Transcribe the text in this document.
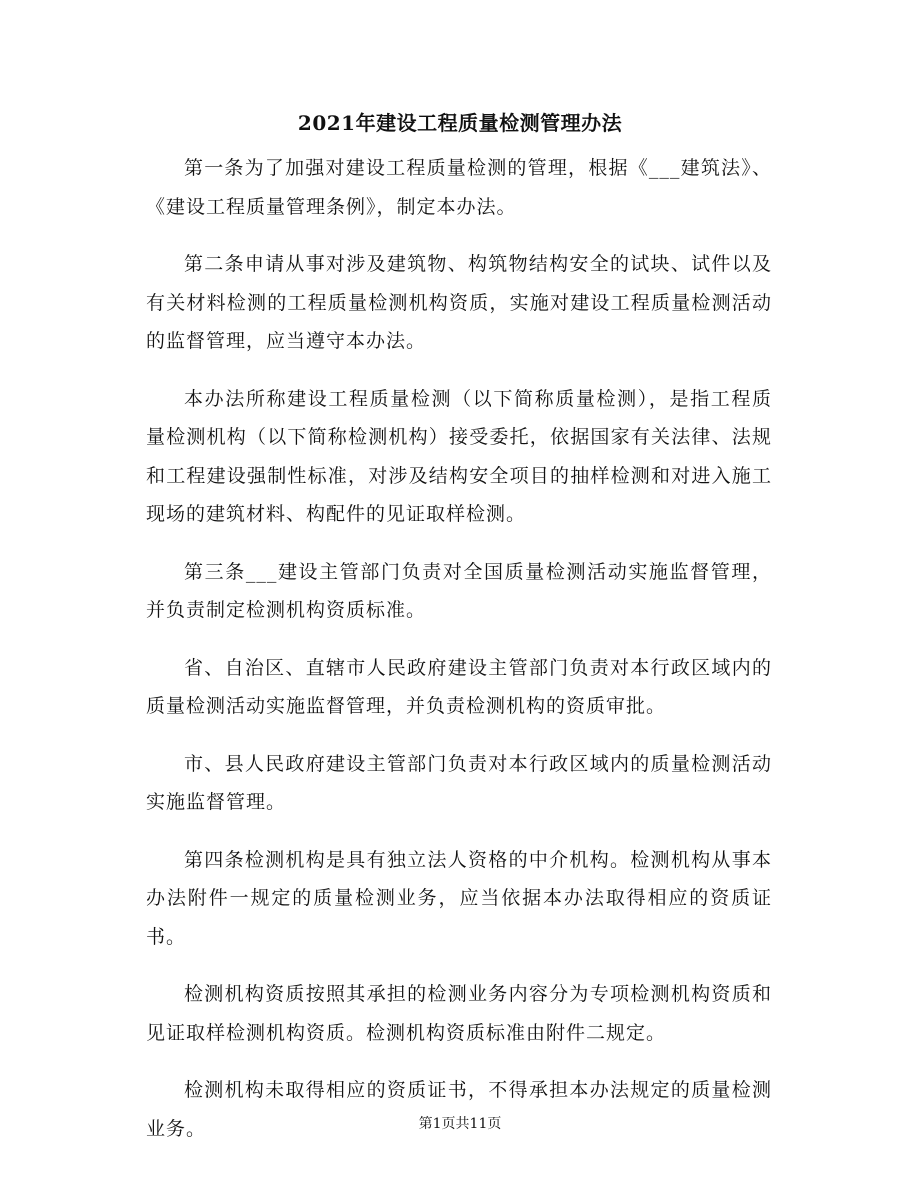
2021年建设工程质量检测管理办法

第一条为了加强对建设工程质量检测的管理，根据《___建筑法》、《建设工程质量管理条例》，制定本办法。

第二条申请从事对涉及建筑物、构筑物结构安全的试块、试件以及有关材料检测的工程质量检测机构资质，实施对建设工程质量检测活动的监督管理，应当遵守本办法。

本办法所称建设工程质量检测（以下简称质量检测），是指工程质量检测机构（以下简称检测机构）接受委托，依据国家有关法律、法规和工程建设强制性标准，对涉及结构安全项目的抽样检测和对进入施工现场的建筑材料、构配件的见证取样检测。

第三条___建设主管部门负责对全国质量检测活动实施监督管理，并负责制定检测机构资质标准。

省、自治区、直辖市人民政府建设主管部门负责对本行政区域内的质量检测活动实施监督管理，并负责检测机构的资质审批。

市、县人民政府建设主管部门负责对本行政区域内的质量检测活动实施监督管理。

第四条检测机构是具有独立法人资格的中介机构。检测机构从事本办法附件一规定的质量检测业务，应当依据本办法取得相应的资质证书。

检测机构资质按照其承担的检测业务内容分为专项检测机构资质和见证取样检测机构资质。检测机构资质标准由附件二规定。

检测机构未取得相应的资质证书，不得承担本办法规定的质量检测业务。	第1页共11页
